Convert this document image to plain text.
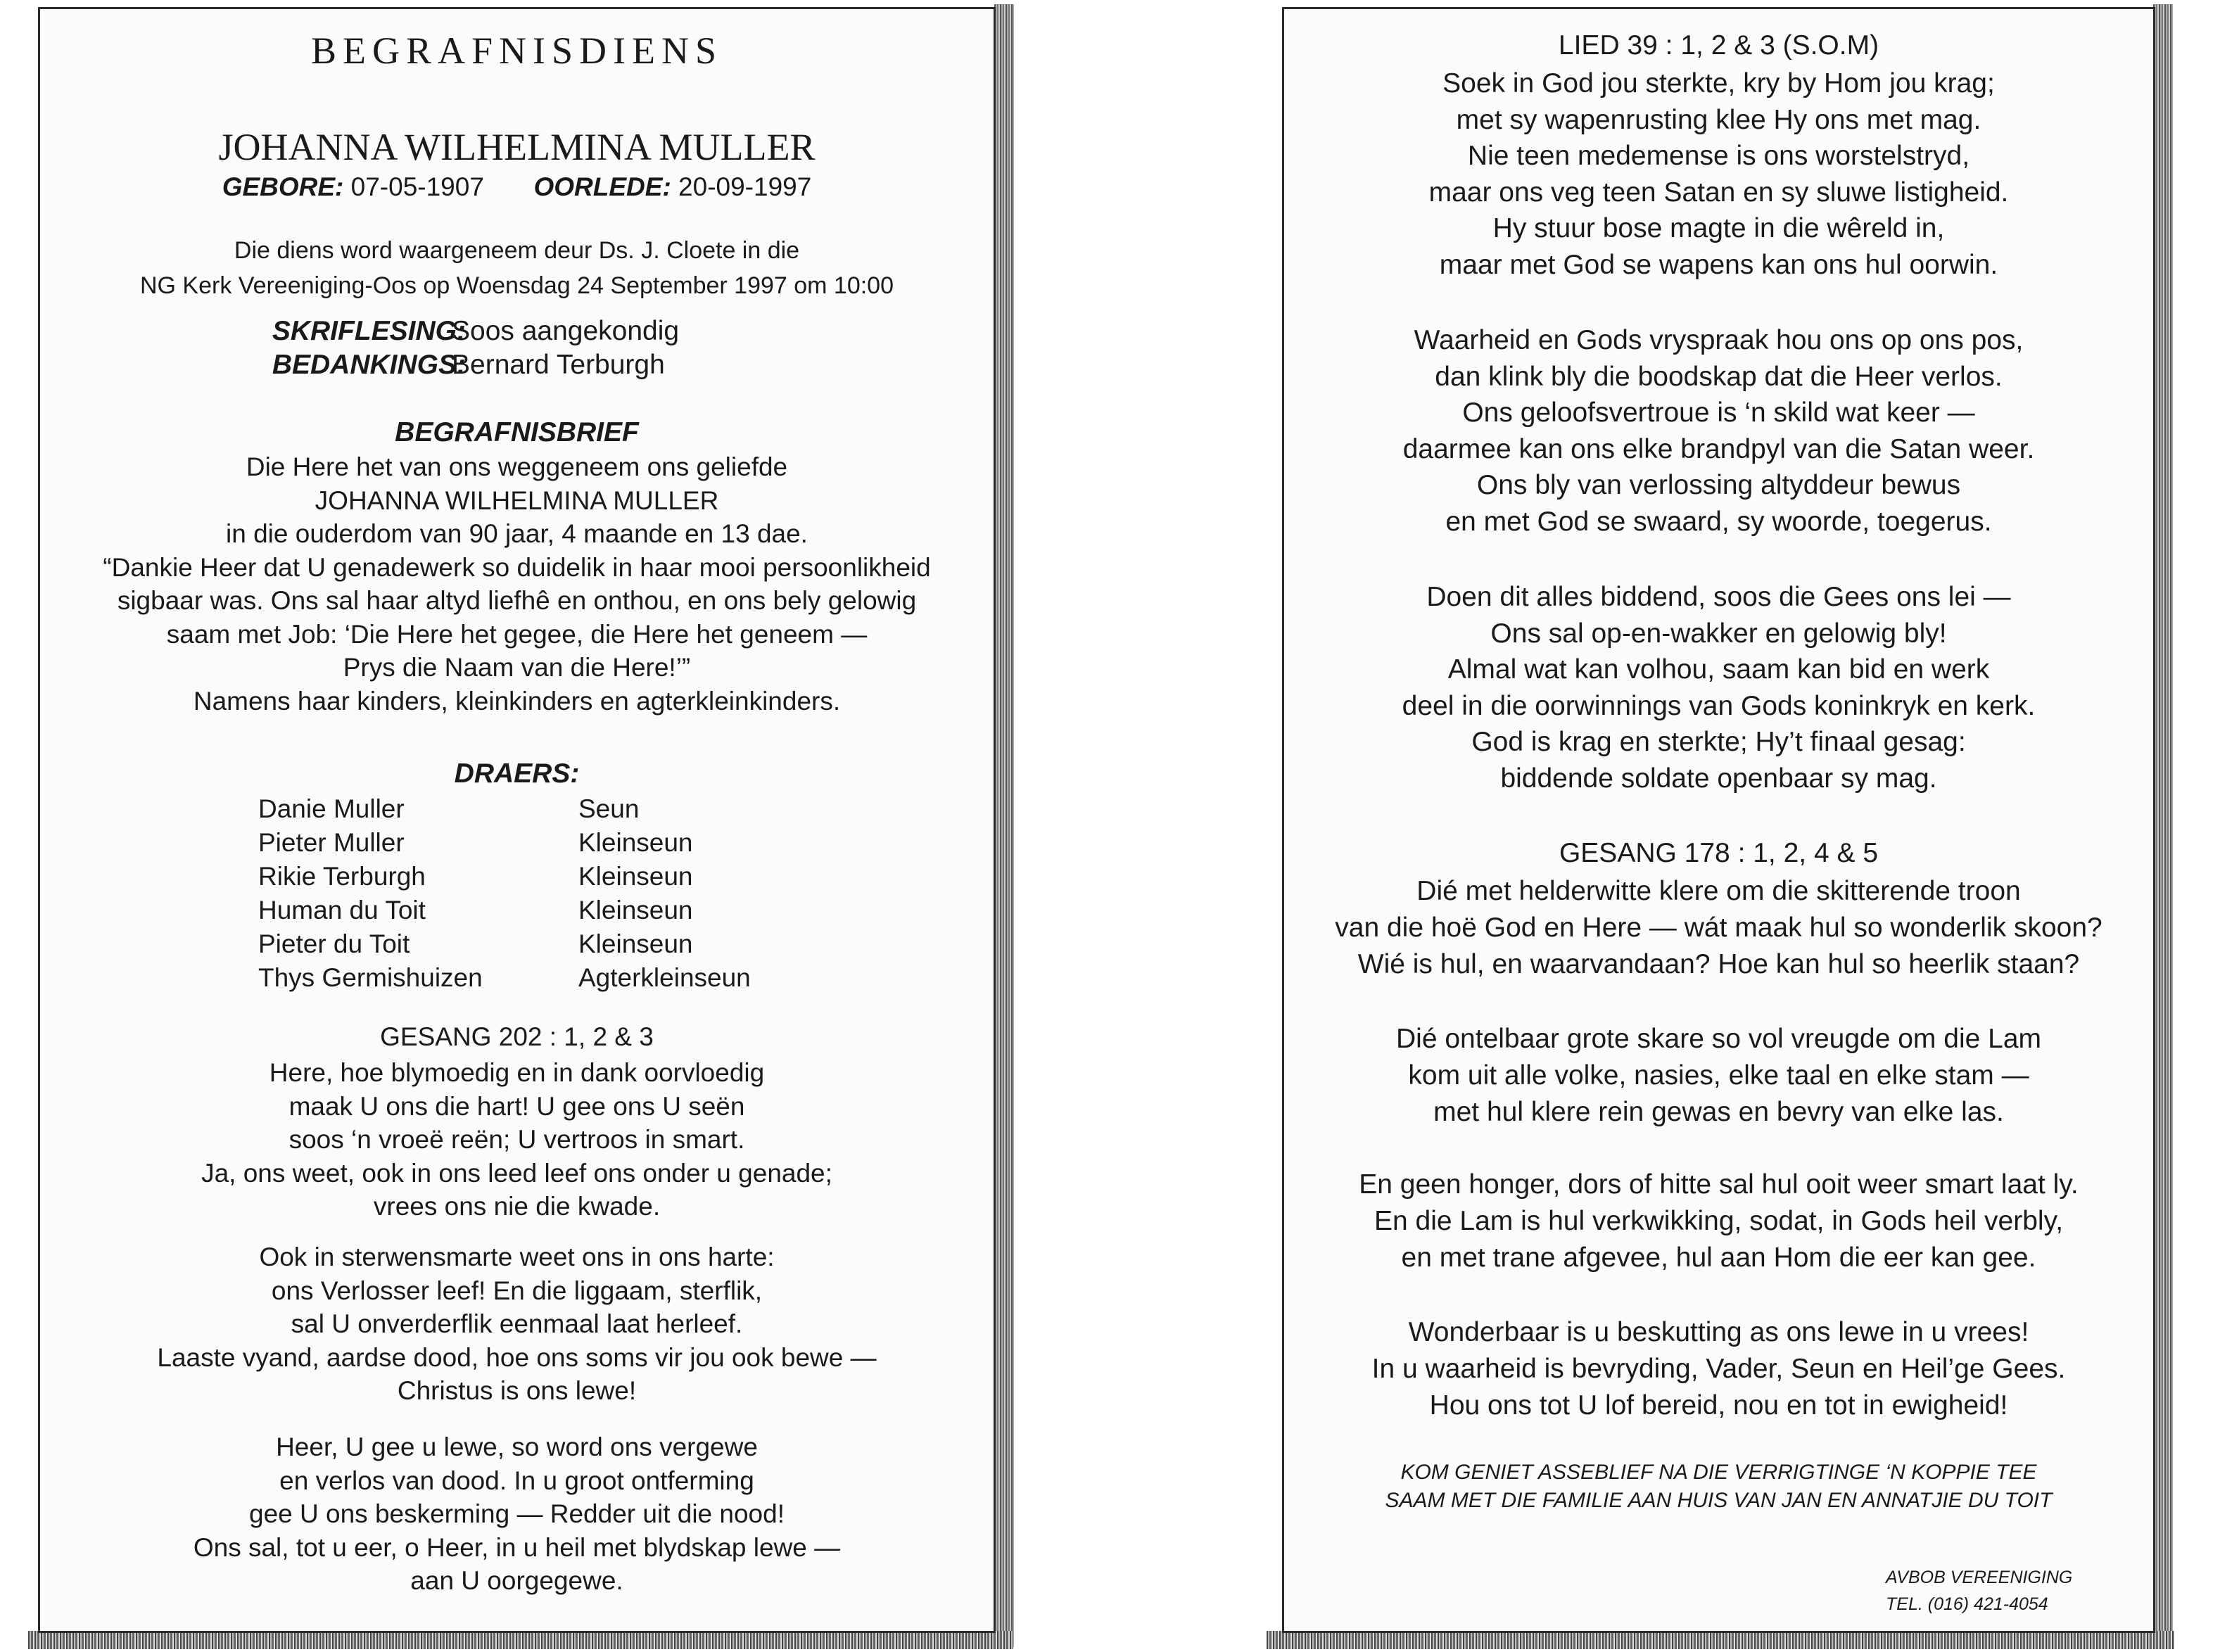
BEGRAFNISDIENS
JOHANNA WILHELMINA MULLER
GEBORE: 07-05-1907 OORLEDE: 20-09-1997
Die diens word waargeneem deur Ds. J. Cloete in die
NG Kerk Vereeniging-Oos op Woensdag 24 September 1997 om 10:00
SKRIFLESING:
Soos aangekondig
BEDANKINGS:
Bernard Terburgh
BEGRAFNISBRIEF
Die Here het van ons weggeneem ons geliefde
JOHANNA WILHELMINA MULLER
in die ouderdom van 90 jaar, 4 maande en 13 dae.
“Dankie Heer dat U genadewerk so duidelik in haar mooi persoonlikheid
sigbaar was. Ons sal haar altyd liefhê en onthou, en ons bely gelowig
saam met Job: ‘Die Here het gegee, die Here het geneem —
Prys die Naam van die Here!’”
Namens haar kinders, kleinkinders en agterkleinkinders.
DRAERS:
Danie Muller	Seun
Pieter Muller	Kleinseun
Rikie Terburgh	Kleinseun
Human du Toit	Kleinseun
Pieter du Toit	Kleinseun
Thys Germishuizen	Agterkleinseun
GESANG 202 : 1, 2 & 3
Here, hoe blymoedig en in dank oorvloedig
maak U ons die hart! U gee ons U seën
soos ‘n vroeë reën; U vertroos in smart.
Ja, ons weet, ook in ons leed leef ons onder u genade;
vrees ons nie die kwade.
Ook in sterwensmarte weet ons in ons harte:
ons Verlosser leef! En die liggaam, sterflik,
sal U onverderflik eenmaal laat herleef.
Laaste vyand, aardse dood, hoe ons soms vir jou ook bewe —
Christus is ons lewe!
Heer, U gee u lewe, so word ons vergewe
en verlos van dood. In u groot ontferming
gee U ons beskerming — Redder uit die nood!
Ons sal, tot u eer, o Heer, in u heil met blydskap lewe —
aan U oorgegewe.
LIED 39 : 1, 2 & 3 (S.O.M)
Soek in God jou sterkte, kry by Hom jou krag;
met sy wapenrusting klee Hy ons met mag.
Nie teen medemense is ons worstelstryd,
maar ons veg teen Satan en sy sluwe listigheid.
Hy stuur bose magte in die wêreld in,
maar met God se wapens kan ons hul oorwin.
Waarheid en Gods vryspraak hou ons op ons pos,
dan klink bly die boodskap dat die Heer verlos.
Ons geloofsvertroue is ‘n skild wat keer —
daarmee kan ons elke brandpyl van die Satan weer.
Ons bly van verlossing altyddeur bewus
en met God se swaard, sy woorde, toegerus.
Doen dit alles biddend, soos die Gees ons lei —
Ons sal op-en-wakker en gelowig bly!
Almal wat kan volhou, saam kan bid en werk
deel in die oorwinnings van Gods koninkryk en kerk.
God is krag en sterkte; Hy’t finaal gesag:
biddende soldate openbaar sy mag.
GESANG 178 : 1, 2, 4 & 5
Dié met helderwitte klere om die skitterende troon
van die hoë God en Here — wát maak hul so wonderlik skoon?
Wié is hul, en waarvandaan? Hoe kan hul so heerlik staan?
Dié ontelbaar grote skare so vol vreugde om die Lam
kom uit alle volke, nasies, elke taal en elke stam —
met hul klere rein gewas en bevry van elke las.
En geen honger, dors of hitte sal hul ooit weer smart laat ly.
En die Lam is hul verkwikking, sodat, in Gods heil verbly,
en met trane afgevee, hul aan Hom die eer kan gee.
Wonderbaar is u beskutting as ons lewe in u vrees!
In u waarheid is bevryding, Vader, Seun en Heil’ge Gees.
Hou ons tot U lof bereid, nou en tot in ewigheid!
KOM GENIET ASSEBLIEF NA DIE VERRIGTINGE ‘N KOPPIE TEE
SAAM MET DIE FAMILIE AAN HUIS VAN JAN EN ANNATJIE DU TOIT
AVBOB VEREENIGING
TEL. (016) 421-4054
